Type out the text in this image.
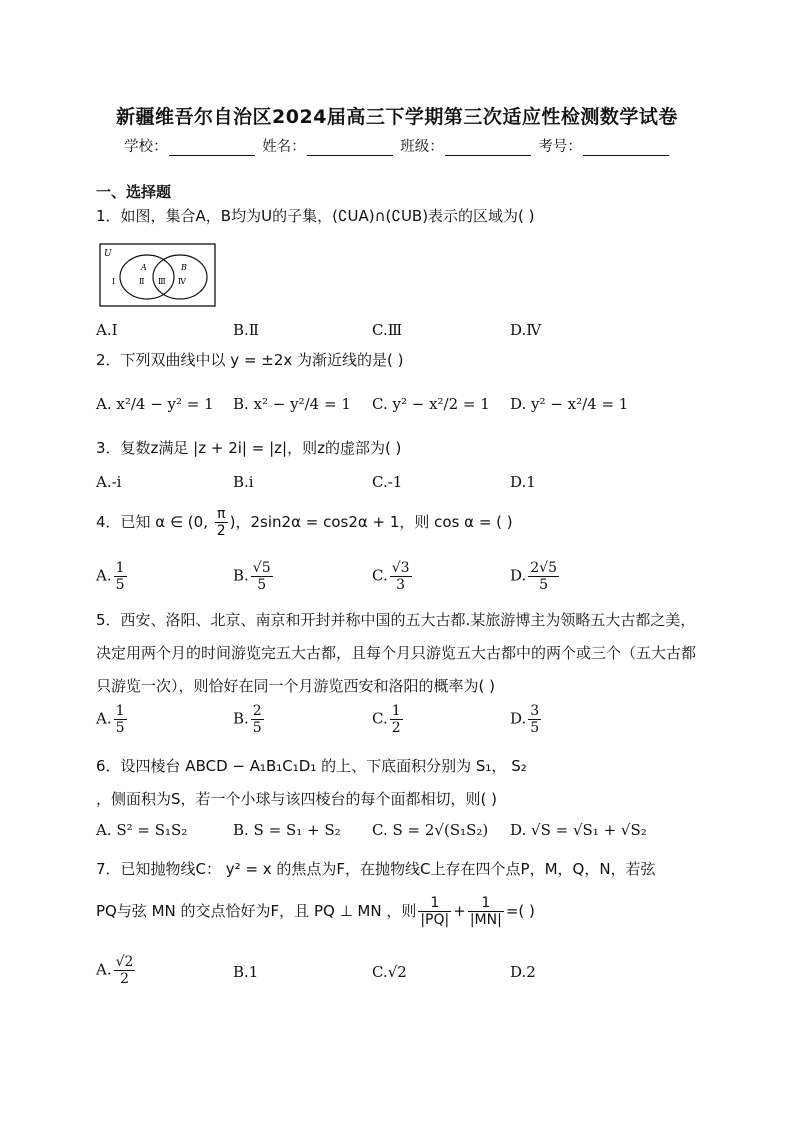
新疆维吾尔自治区2024届高三下学期第三次适应性检测数学试卷
学校：	姓名：	班级：	考号：
一、选择题
1．如图，集合A，B均为U的子集，(∁UA)∩(∁UB)表示的区域为( )
U
A	B
Ⅰ	Ⅱ Ⅲ Ⅳ
A.Ⅰ	B.Ⅱ	C.Ⅲ	D.Ⅳ
2．下列双曲线中以 y = ±2x 为渐近线的是( )
A. x²/4 − y² = 1 B. x² − y²/4 = 1 C. y² − x²/2 = 1 D. y² − x²/4 = 1
3．复数z满足 |z + 2i| = |z|，则z的虚部为( )
A.-i	B.i	C.-1	D.1
4．已知 α ∈ (0, $\frac{\pi}{2}$ )，2sin2α = cos2α + 1，则 cos α = ( )
A. $\frac{1}{5}$	B. $\frac{√5}{5}$	C. $\frac{√3}{3}$	D. $\frac{2√5}{5}$
5．西安、洛阳、北京、南京和开封并称中国的五大古都.某旅游博主为领略五大古都之美，决定用两个月的时间游览完五大古都，且每个月只游览五大古都中的两个或三个（五大古都只游览一次），则恰好在同一个月游览西安和洛阳的概率为( )
A. $\frac{1}{5}$	B. $\frac{2}{5}$	C. $\frac{1}{2}$	D. $\frac{3}{5}$
6．设四棱台 ABCD − A₁B₁C₁D₁ 的上、下底面积分别为 S₁， S₂
，侧面积为S，若一个小球与该四棱台的每个面都相切，则( )
A. S² = S₁S₂	B. S = S₁ + S₂ C. S = 2√(S₁S₂) D. √S = √S₁ + √S₂
7．已知抛物线C： y² = x 的焦点为F，在抛物线C上存在四个点P，M，Q，N，若弦
PQ与弦 MN 的交点恰好为F，且 PQ ⊥ MN ，则 $\frac{1}{|PQ|} + \frac{1}{|MN|}$ =( )
A. $\frac{√2}{2}$	B.1	C.√2	D.2
